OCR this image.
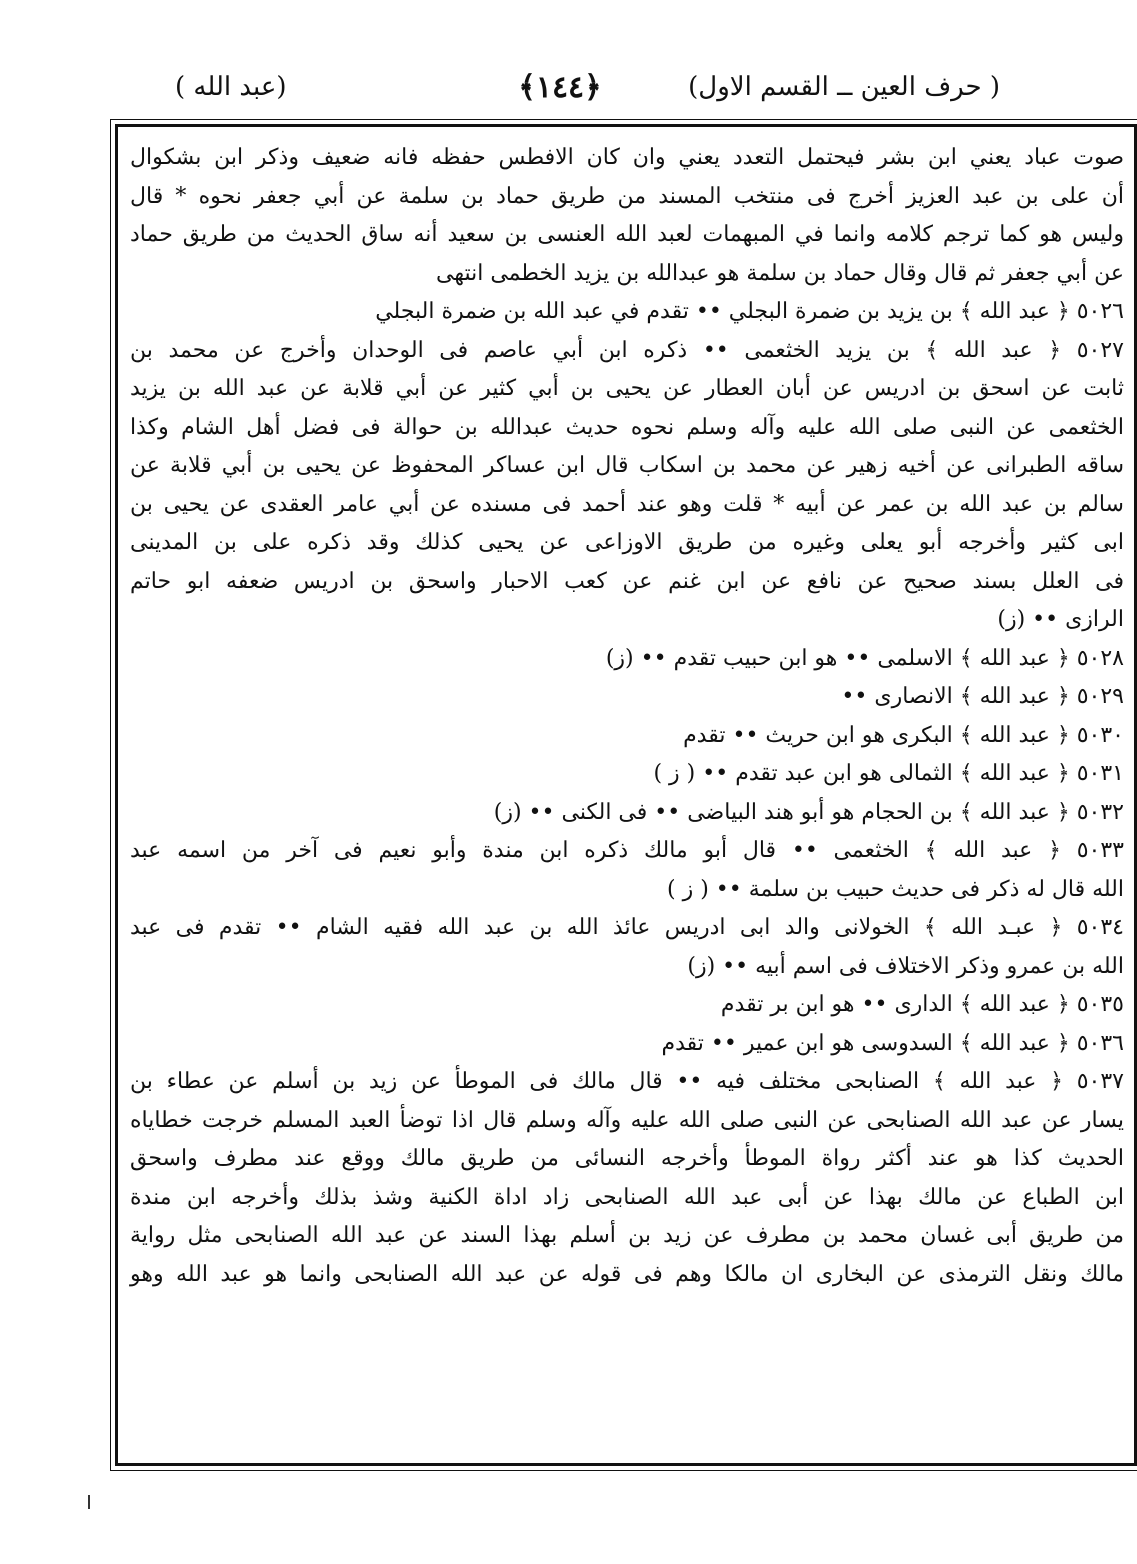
( حرف العين ــ القسم الاول)
﴿١٤٤﴾
(عبد الله )
صوت عباد يعني ابن بشر فيحتمل التعدد يعني وان كان الافطس حفظه فانه ضعيف وذكر ابن بشكوال
أن على بن عبد العزيز أخرج فى منتخب المسند من طريق حماد بن سلمة عن أبي جعفر نحوه * قال
وليس هو كما ترجم كلامه وانما في المبهمات لعبد الله العنسى بن سعيد أنه ساق الحديث من طريق حماد
عن أبي جعفر ثم قال وقال حماد بن سلمة هو عبدالله بن يزيد الخطمى انتهى
٥٠٢٦ ﴿ عبد الله ﴾ بن يزيد بن ضمرة البجلي •• تقدم في عبد الله بن ضمرة البجلي
٥٠٢٧ ﴿ عبد الله ﴾ بن يزيد الخثعمى •• ذكره ابن أبي عاصم فى الوحدان وأخرج عن محمد بن
ثابت عن اسحق بن ادريس عن أبان العطار عن يحيى بن أبي كثير عن أبي قلابة عن عبد الله بن يزيد
الخثعمى عن النبى صلى الله عليه وآله وسلم نحوه حديث عبدالله بن حوالة فى فضل أهل الشام وكذا
ساقه الطبرانى عن أخيه زهير عن محمد بن اسكاب قال ابن عساكر المحفوظ عن يحيى بن أبي قلابة عن
سالم بن عبد الله بن عمر عن أبيه * قلت وهو عند أحمد فى مسنده عن أبي عامر العقدى عن يحيى بن
ابى كثير وأخرجه أبو يعلى وغيره من طريق الاوزاعى عن يحيى كذلك وقد ذكره على بن المدينى
فى العلل بسند صحيح عن نافع عن ابن غنم عن كعب الاحبار واسحق بن ادريس ضعفه ابو حاتم
الرازى •• (ز)
٥٠٢٨ ﴿ عبد الله ﴾ الاسلمى •• هو ابن حبيب تقدم •• (ز)
٥٠٢٩ ﴿ عبد الله ﴾ الانصارى ••
٥٠٣٠ ﴿ عبد الله ﴾ البكرى هو ابن حريث •• تقدم
٥٠٣١ ﴿ عبد الله ﴾ الثمالى هو ابن عبد تقدم •• ( ز )
٥٠٣٢ ﴿ عبد الله ﴾ بن الحجام هو أبو هند البياضى •• فى الكنى •• (ز)
٥٠٣٣ ﴿ عبد الله ﴾ الخثعمى •• قال أبو مالك ذكره ابن مندة وأبو نعيم فى آخر من اسمه عبد
الله قال له ذكر فى حديث حبيب بن سلمة •• ( ز )
٥٠٣٤ ﴿ عبـد الله ﴾ الخولانى والد ابى ادريس عائذ الله بن عبد الله فقيه الشام •• تقدم فى عبد
الله بن عمرو وذكر الاختلاف فى اسم أبيه •• (ز)
٥٠٣٥ ﴿ عبد الله ﴾ الدارى •• هو ابن بر تقدم
٥٠٣٦ ﴿ عبد الله ﴾ السدوسى هو ابن عمير •• تقدم
٥٠٣٧ ﴿ عبد الله ﴾ الصنابحى مختلف فيه •• قال مالك فى الموطأ عن زيد بن أسلم عن عطاء بن
يسار عن عبد الله الصنابحى عن النبى صلى الله عليه وآله وسلم قال اذا توضأ العبد المسلم خرجت خطاياه
الحديث كذا هو عند أكثر رواة الموطأ وأخرجه النسائى من طريق مالك ووقع عند مطرف واسحق
ابن الطباع عن مالك بهذا عن أبى عبد الله الصنابحى زاد اداة الكنية وشذ بذلك وأخرجه ابن مندة
من طريق أبى غسان محمد بن مطرف عن زيد بن أسلم بهذا السند عن عبد الله الصنابحى مثل رواية
مالك ونقل الترمذى عن البخارى ان مالكا وهم فى قوله عن عبد الله الصنابحى وانما هو عبد الله وهو
